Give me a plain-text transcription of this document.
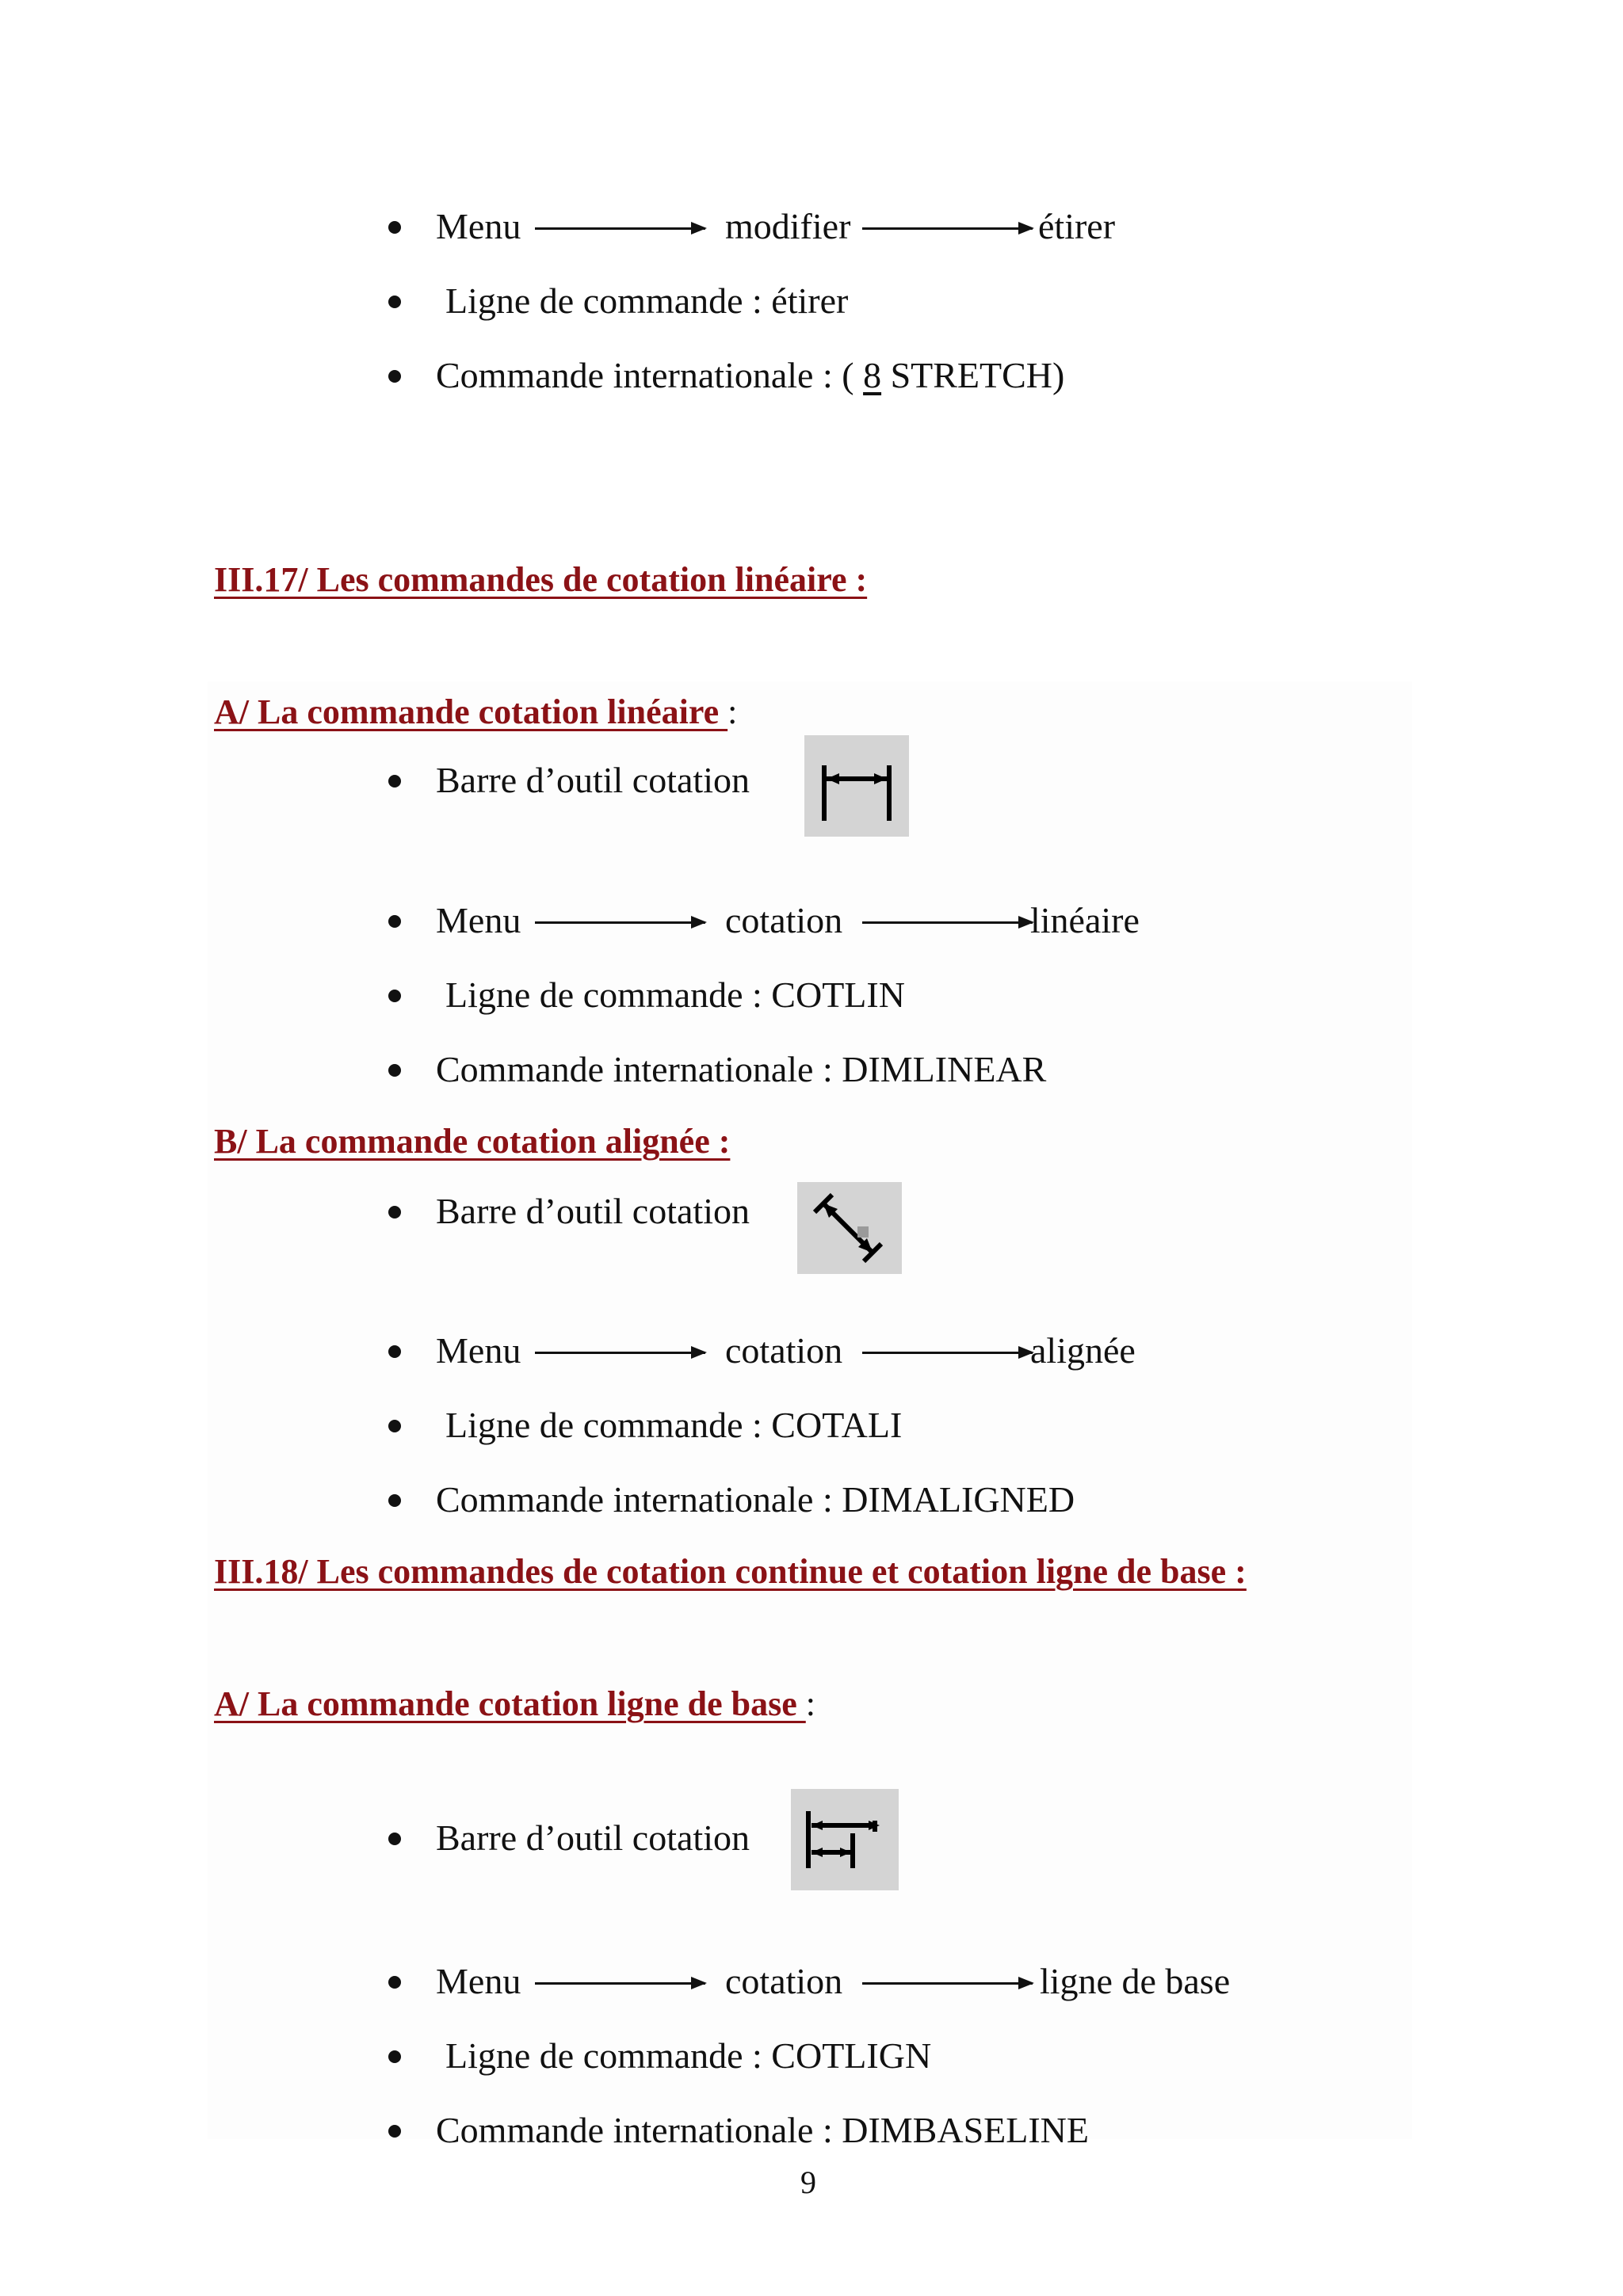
Menu	modifier	étirer
Ligne de commande : étirer
Commande internationale : ( 8 STRETCH)
III.17/ Les commandes de cotation linéaire :
A/ La commande cotation linéaire :
Barre d’outil cotation
Menu	cotation	linéaire
Ligne de commande : COTLIN
Commande internationale : DIMLINEAR
B/ La commande cotation alignée :
Barre d’outil cotation
Menu	cotation	alignée
Ligne de commande : COTALI
Commande internationale : DIMALIGNED
III.18/ Les commandes de cotation continue et cotation ligne de base :
A/ La commande cotation ligne de base :
Barre d’outil cotation
Menu	cotation	ligne de base
Ligne de commande : COTLIGN
Commande internationale : DIMBASELINE
9
